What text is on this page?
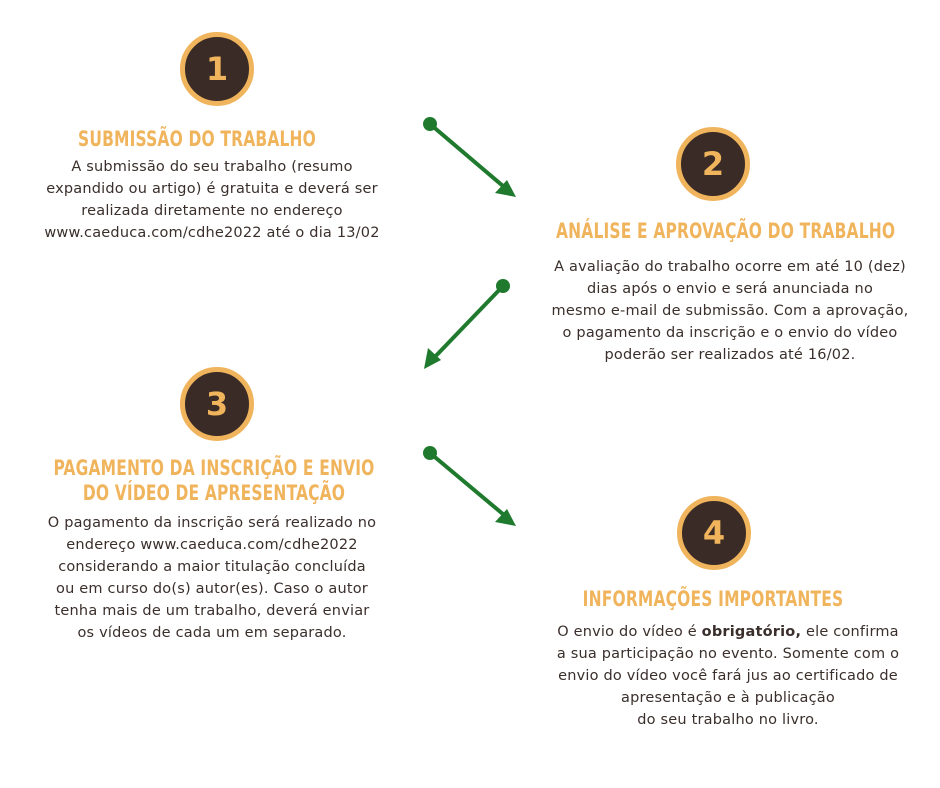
1
SUBMISSÃO DO TRABALHO
A submissão do seu trabalho (resumo
expandido ou artigo) é gratuita e deverá ser
realizada diretamente no endereço
www.caeduca.com/cdhe2022 até o dia 13/02
2
ANÁLISE E APROVAÇÃO DO TRABALHO
A avaliação do trabalho ocorre em até 10 (dez)
dias após o envio e será anunciada no
mesmo e-mail de submissão. Com a aprovação,
o pagamento da inscrição e o envio do vídeo
poderão ser realizados até 16/02.
3
PAGAMENTO DA INSCRIÇÃO E ENVIO
DO VÍDEO DE APRESENTAÇÃO
O pagamento da inscrição será realizado no
endereço www.caeduca.com/cdhe2022
considerando a maior titulação concluída
ou em curso do(s) autor(es). Caso o autor
tenha mais de um trabalho, deverá enviar
os vídeos de cada um em separado.
4
INFORMAÇÕES IMPORTANTES
O envio do vídeo é obrigatório, ele confirma
a sua participação no evento. Somente com o
envio do vídeo você fará jus ao certificado de
apresentação e à publicação
do seu trabalho no livro.
